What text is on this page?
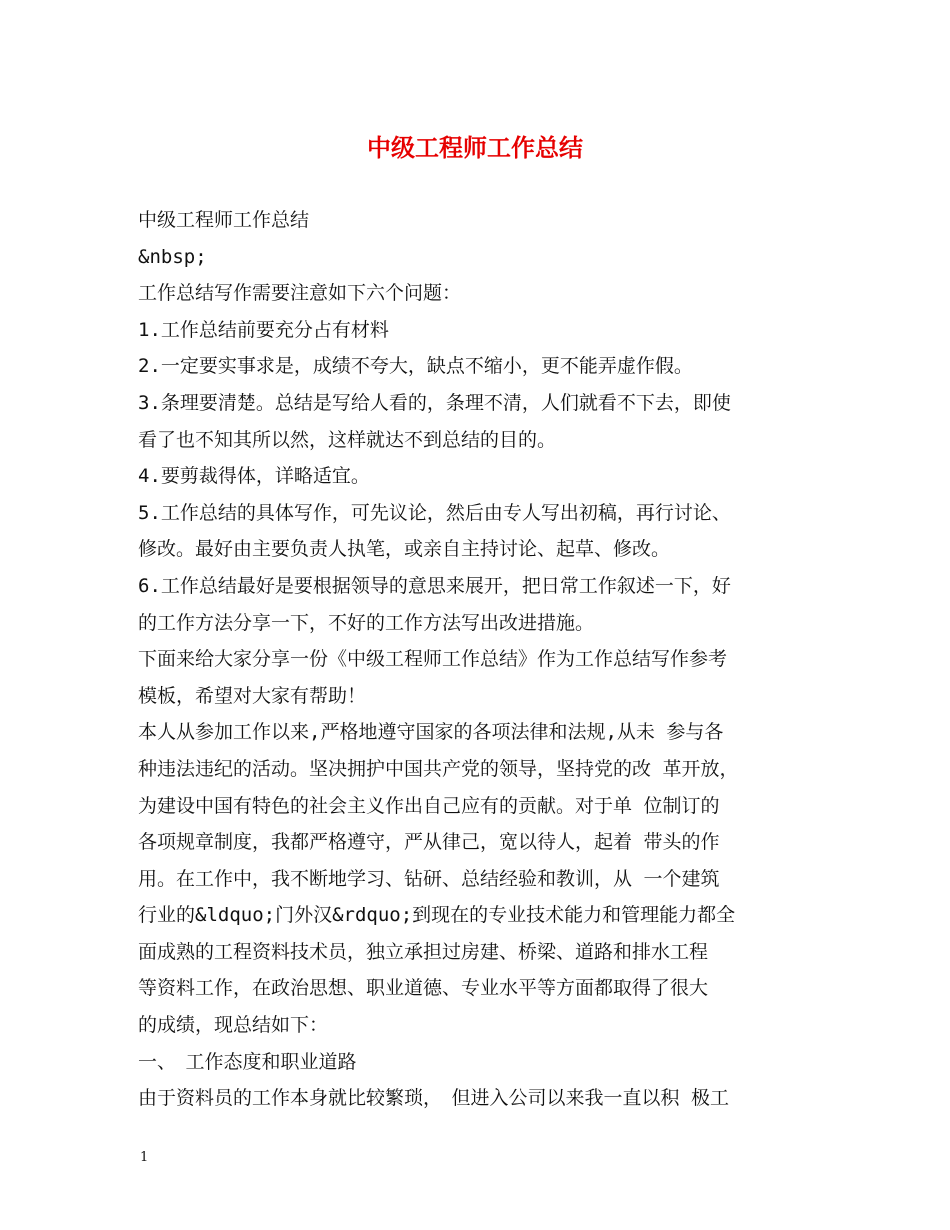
中级工程师工作总结
中级工程师工作总结
&nbsp;
工作总结写作需要注意如下六个问题：
1.工作总结前要充分占有材料
2.一定要实事求是，成绩不夸大，缺点不缩小，更不能弄虚作假。
3.条理要清楚。总结是写给人看的，条理不清，人们就看不下去，即使
看了也不知其所以然，这样就达不到总结的目的。
4.要剪裁得体，详略适宜。
5.工作总结的具体写作，可先议论，然后由专人写出初稿，再行讨论、
修改。最好由主要负责人执笔，或亲自主持讨论、起草、修改。
6.工作总结最好是要根据领导的意思来展开，把日常工作叙述一下，好
的工作方法分享一下，不好的工作方法写出改进措施。
下面来给大家分享一份《中级工程师工作总结》作为工作总结写作参考
模板，希望对大家有帮助！
本人从参加工作以来,严格地遵守国家的各项法律和法规,从未 参与各
种违法违纪的活动。坚决拥护中国共产党的领导，坚持党的改 革开放，
为建设中国有特色的社会主义作出自己应有的贡献。对于单 位制订的
各项规章制度，我都严格遵守，严从律己，宽以待人，起着 带头的作
用。在工作中，我不断地学习、钻研、总结经验和教训，从 一个建筑
行业的&ldquo;门外汉&rdquo;到现在的专业技术能力和管理能力都全
面成熟的工程资料技术员，独立承担过房建、桥梁、道路和排水工程
等资料工作，在政治思想、职业道德、专业水平等方面都取得了很大
的成绩，现总结如下：
一、　工作态度和职业道路
由于资料员的工作本身就比较繁琐，　但进入公司以来我一直以积 极工
1
